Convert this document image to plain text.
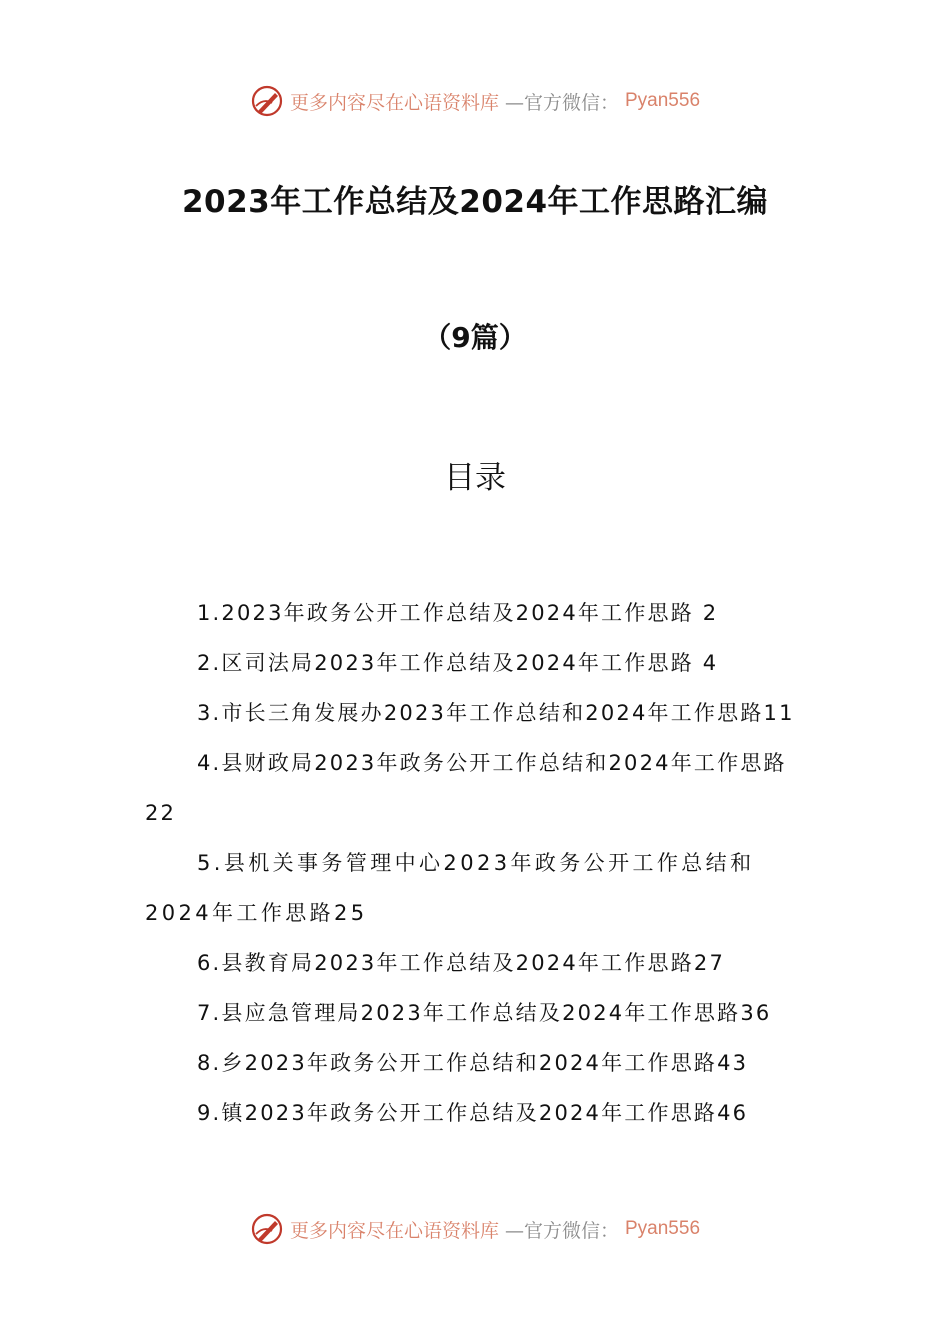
更多内容尽在心语资料库 —官方微信： Pyan556
2023年工作总结及2024年工作思路汇编
（9篇）
目录

1.2023年政务公开工作总结及2024年工作思路 2

2.区司法局2023年工作总结及2024年工作思路 4

3.市长三角发展办2023年工作总结和2024年工作思路11

4.县财政局2023年政务公开工作总结和2024年工作思路22

5.县机关事务管理中心2023年政务公开工作总结和2024年工作思路25

6.县教育局2023年工作总结及2024年工作思路27

7.县应急管理局2023年工作总结及2024年工作思路36

8.乡2023年政务公开工作总结和2024年工作思路43

9.镇2023年政务公开工作总结及2024年工作思路46

更多内容尽在心语资料库 —官方微信： Pyan556
